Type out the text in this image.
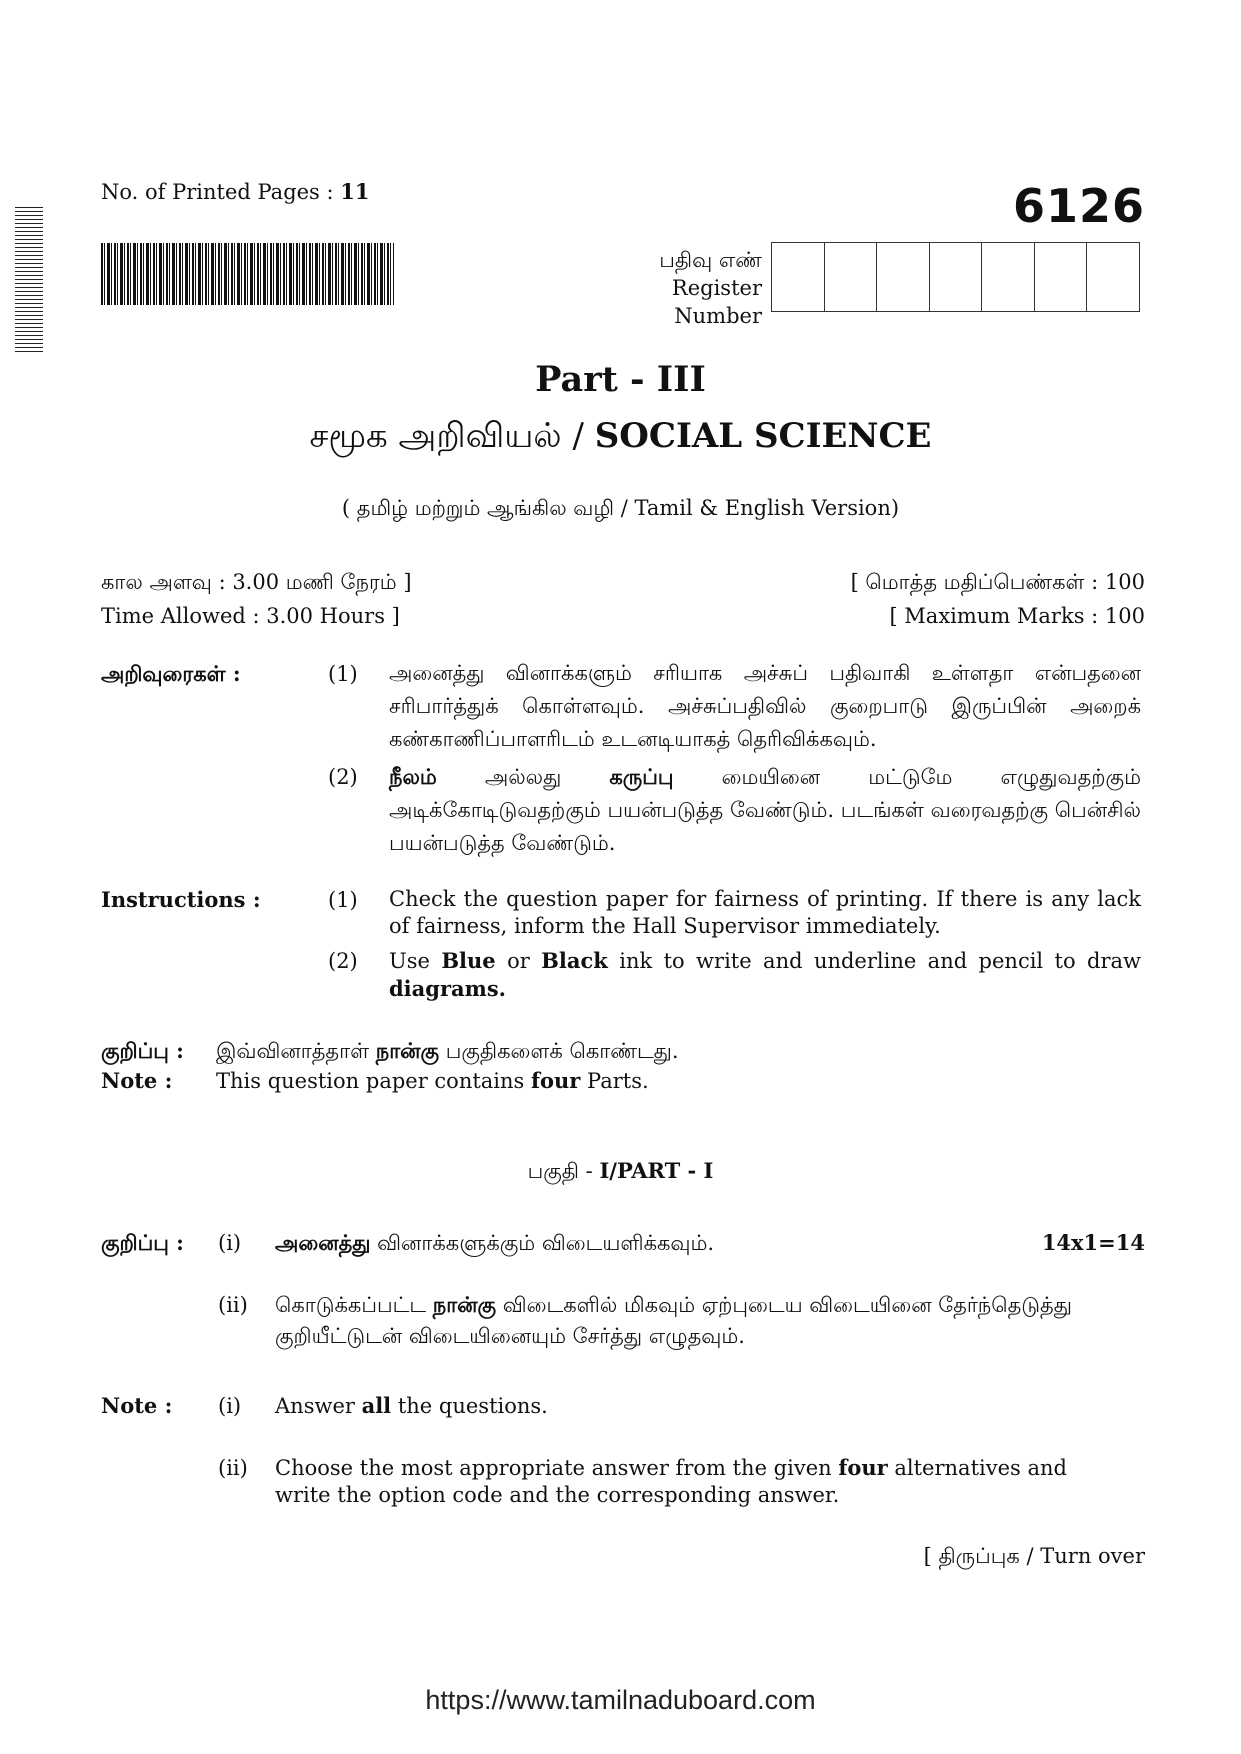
No. of Printed Pages : 11	6126
பதிவு எண்
Register
Number
Part - III
சமூக அறிவியல் / SOCIAL SCIENCE
( தமிழ் மற்றும் ஆங்கில வழி / Tamil & English Version)
கால அளவு : 3.00 மணி நேரம் ]
Time Allowed : 3.00 Hours ]
[ மொத்த மதிப்பெண்கள் : 100
[ Maximum Marks : 100
அறிவுரைகள் :	(1) அனைத்து வினாக்களும் சரியாக அச்சுப் பதிவாகி உள்ளதா என்பதனை சரிபார்த்துக் கொள்ளவும். அச்சுப்பதிவில் குறைபாடு இருப்பின் அறைக் கண்காணிப்பாளரிடம் உடனடியாகத் தெரிவிக்கவும்.
(2) நீலம் அல்லது கருப்பு மையினை மட்டுமே எழுதுவதற்கும் அடிக்கோடிடுவதற்கும் பயன்படுத்த வேண்டும். படங்கள் வரைவதற்கு பென்சில் பயன்படுத்த வேண்டும்.
Instructions :	(1) Check the question paper for fairness of printing. If there is any lack of fairness, inform the Hall Supervisor immediately.
(2) Use Blue or Black ink to write and underline and pencil to draw diagrams.
குறிப்பு : இவ்வினாத்தாள் நான்கு பகுதிகளைக் கொண்டது.
Note : This question paper contains four Parts.
பகுதி - I/PART - I
குறிப்பு : (i) அனைத்து வினாக்களுக்கும் விடையளிக்கவும்.	14x1=14
(ii) கொடுக்கப்பட்ட நான்கு விடைகளில் மிகவும் ஏற்புடைய விடையினை தேர்ந்தெடுத்து குறியீட்டுடன் விடையினையும் சேர்த்து எழுதவும்.
Note : (i) Answer all the questions.
(ii) Choose the most appropriate answer from the given four alternatives and write the option code and the corresponding answer.
[ திருப்புக / Turn over
https://www.tamilnaduboard.com
